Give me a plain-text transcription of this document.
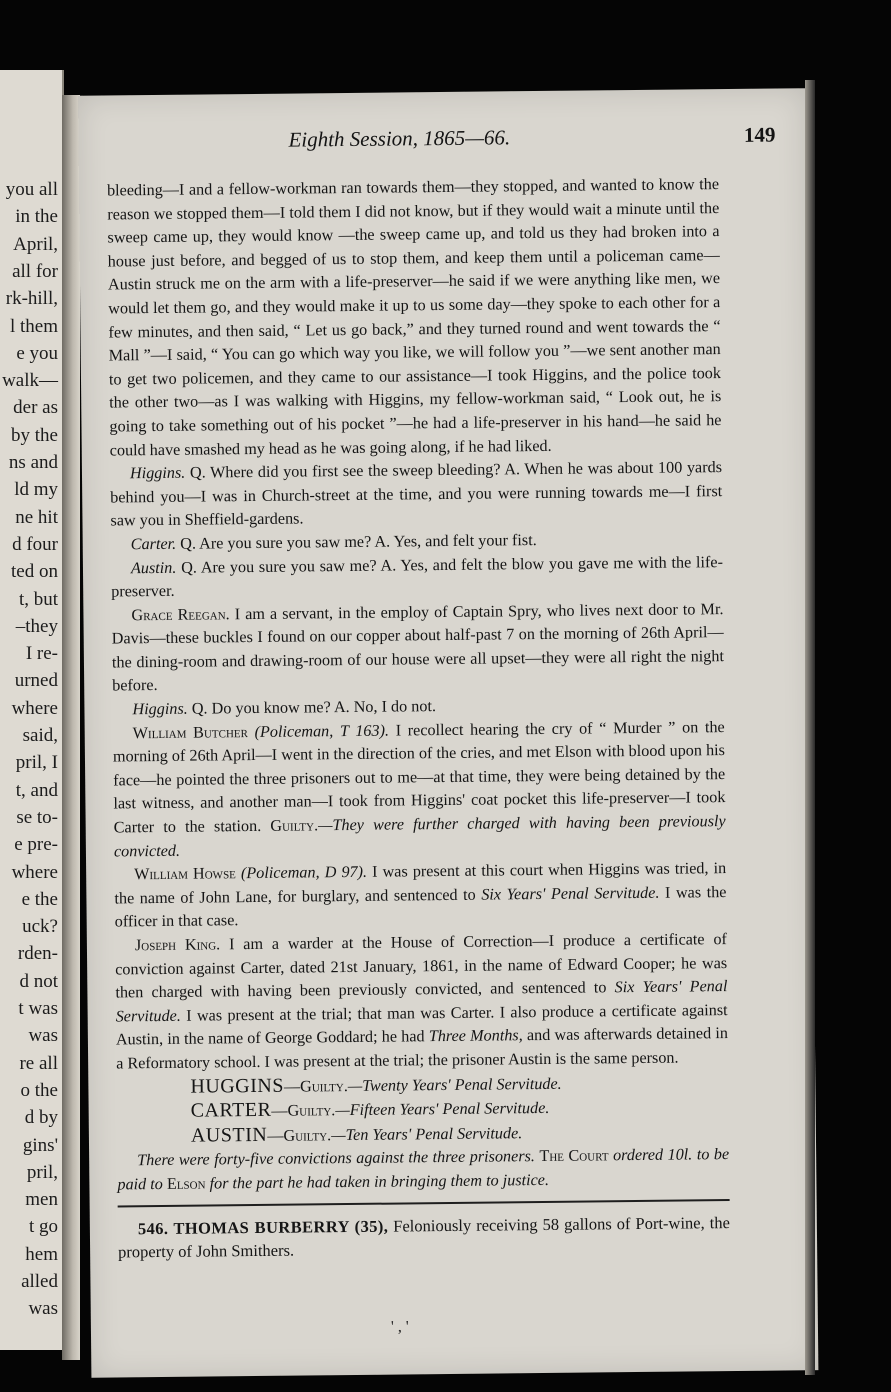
you all
in the
April,
all for
rk-hill,
l them
e you
walk—
der as
by the
ns and
ld my
ne hit
d four
ted on
t, but
–they
I re-
urned
where
said,
pril, I
t, and
se to-
e pre-
where
e the
uck?
rden-
d not
t was
was
re all
o the
d by
gins'
pril,
men
t go
hem
alled
was
Eighth Session, 1865—66.	149

bleeding—I and a fellow-workman ran towards them—they stopped, and wanted to know the reason we stopped them—I told them I did not know, but if they would wait a minute until the sweep came up, they would know —the sweep came up, and told us they had broken into a house just before, and begged of us to stop them, and keep them until a policeman came— Austin struck me on the arm with a life-preserver—he said if we were anything like men, we would let them go, and they would make it up to us some day—they spoke to each other for a few minutes, and then said, “ Let us go back,” and they turned round and went towards the “ Mall ”—I said, “ You can go which way you like, we will follow you ”—we sent another man to get two policemen, and they came to our assistance—I took Higgins, and the police took the other two—as I was walking with Higgins, my fellow-workman said, “ Look out, he is going to take something out of his pocket ”—he had a life-preserver in his hand—he said he could have smashed my head as he was going along, if he had liked.

Higgins. Q. Where did you first see the sweep bleeding? A. When he was about 100 yards behind you—I was in Church-street at the time, and you were running towards me—I first saw you in Sheffield-gardens.

Carter. Q. Are you sure you saw me? A. Yes, and felt your fist.

Austin. Q. Are you sure you saw me? A. Yes, and felt the blow you gave me with the life-preserver.

Grace Reegan. I am a servant, in the employ of Captain Spry, who lives next door to Mr. Davis—these buckles I found on our copper about half-past 7 on the morning of 26th April—the dining-room and drawing-room of our house were all upset—they were all right the night before.

Higgins. Q. Do you know me? A. No, I do not.

William Butcher (Policeman, T 163). I recollect hearing the cry of “ Murder ” on the morning of 26th April—I went in the direction of the cries, and met Elson with blood upon his face—he pointed the three prisoners out to me—at that time, they were being detained by the last witness, and another man—I took from Higgins' coat pocket this life-preserver—I took Carter to the station. Guilty.—They were further charged with having been previously convicted.

William Howse (Policeman, D 97). I was present at this court when Higgins was tried, in the name of John Lane, for burglary, and sentenced to Six Years' Penal Servitude. I was the officer in that case.

Joseph King. I am a warder at the House of Correction—I produce a certificate of conviction against Carter, dated 21st January, 1861, in the name of Edward Cooper; he was then charged with having been previously convicted, and sentenced to Six Years' Penal Servitude. I was present at the trial; that man was Carter. I also produce a certificate against Austin, in the name of George Goddard; he had Three Months, and was afterwards detained in a Reformatory school. I was present at the trial; the prisoner Austin is the same person.

HUGGINS—Guilty.—Twenty Years' Penal Servitude.

CARTER—Guilty.—Fifteen Years' Penal Servitude.

AUSTIN—Guilty.—Ten Years' Penal Servitude.

There were forty-five convictions against the three prisoners. The Court ordered 10l. to be paid to Elson for the part he had taken in bringing them to justice.

546. THOMAS BURBERRY (35), Feloniously receiving 58 gallons of Port-wine, the property of John Smithers.

' , '
